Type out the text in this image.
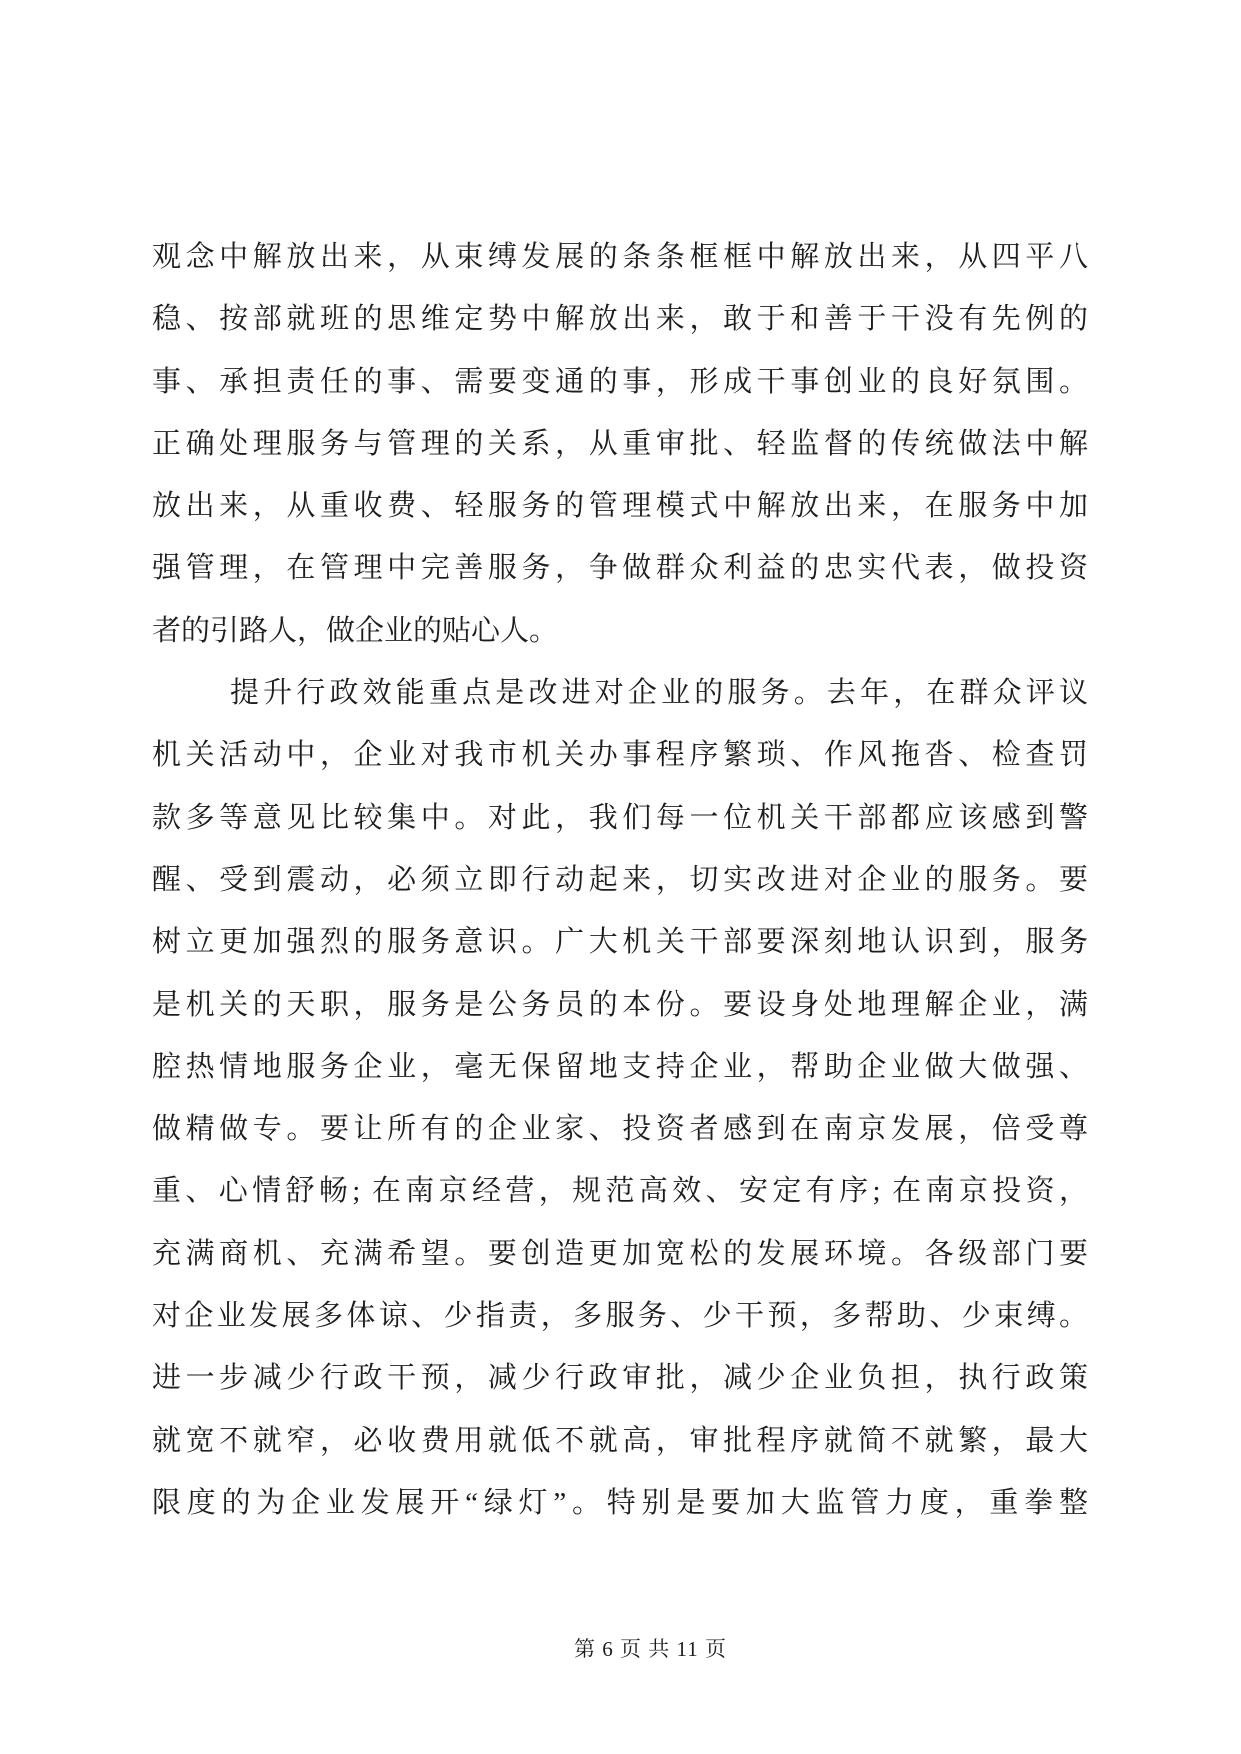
观念中解放出来，从束缚发展的条条框框中解放出来，从四平八
稳、按部就班的思维定势中解放出来，敢于和善于干没有先例的
事、承担责任的事、需要变通的事，形成干事创业的良好氛围。
正确处理服务与管理的关系，从重审批、轻监督的传统做法中解
放出来，从重收费、轻服务的管理模式中解放出来，在服务中加
强管理，在管理中完善服务，争做群众利益的忠实代表，做投资
者的引路人，做企业的贴心人。
提升行政效能重点是改进对企业的服务。去年，在群众评议
机关活动中，企业对我市机关办事程序繁琐、作风拖沓、检查罚
款多等意见比较集中。对此，我们每一位机关干部都应该感到警
醒、受到震动，必须立即行动起来，切实改进对企业的服务。要
树立更加强烈的服务意识。广大机关干部要深刻地认识到，服务
是机关的天职，服务是公务员的本份。要设身处地理解企业，满
腔热情地服务企业，毫无保留地支持企业，帮助企业做大做强、
做精做专。要让所有的企业家、投资者感到在南京发展，倍受尊
重、心情舒畅; 在南京经营，规范高效、安定有序; 在南京投资，
充满商机、充满希望。要创造更加宽松的发展环境。各级部门要
对企业发展多体谅、少指责，多服务、少干预，多帮助、少束缚。
进一步减少行政干预，减少行政审批，减少企业负担，执行政策
就宽不就窄，必收费用就低不就高，审批程序就简不就繁，最大
限度的为企业发展开“绿灯”。特别是要加大监管力度，重拳整
第 6 页 共 11 页
